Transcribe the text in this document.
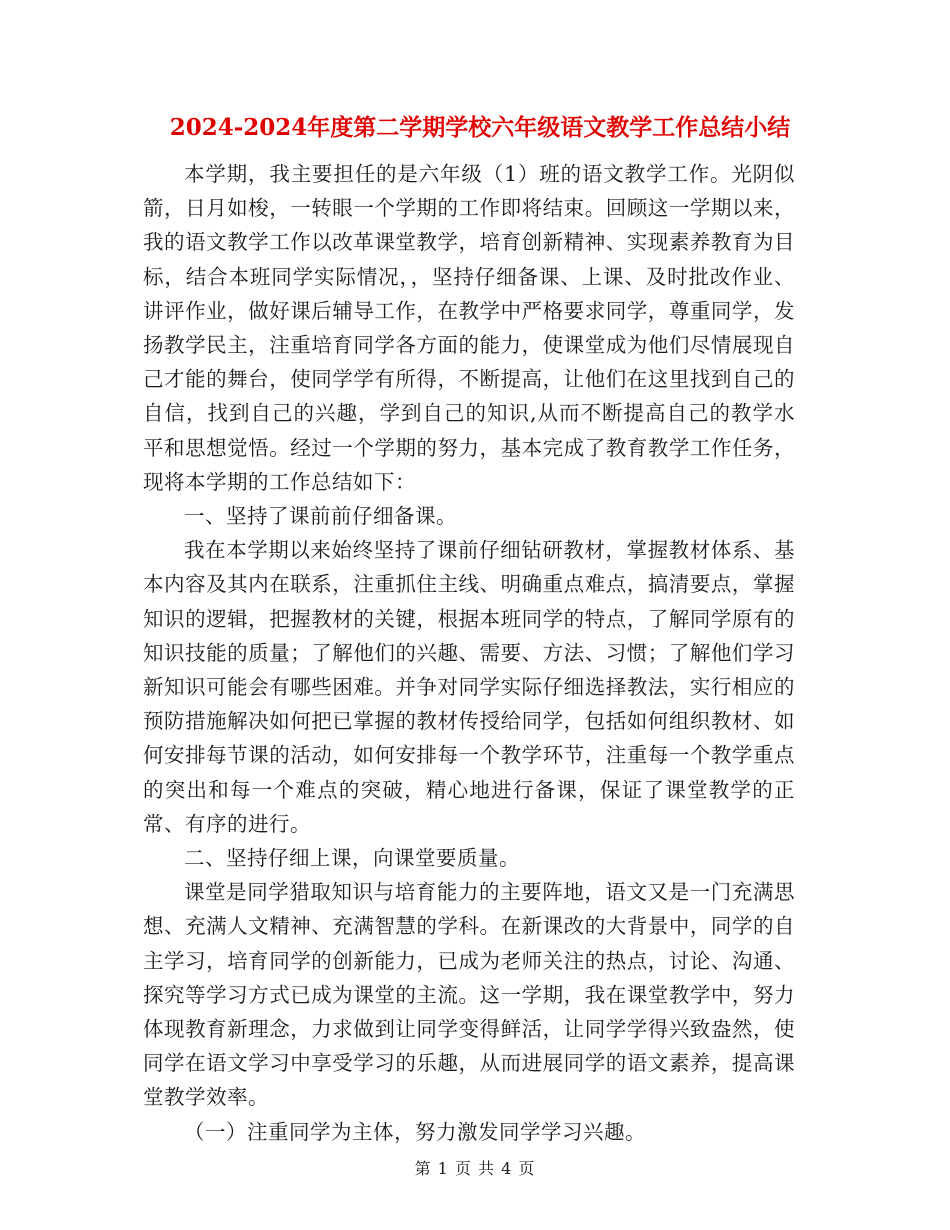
2024-2024年度第二学期学校六年级语文教学工作总结小结

本学期，我主要担任的是六年级（1）班的语文教学工作。光阴似箭，日月如梭，一转眼一个学期的工作即将结束。回顾这一学期以来，我的语文教学工作以改革课堂教学，培育创新精神、实现素养教育为目标，结合本班同学实际情况，，坚持仔细备课、上课、及时批改作业、讲评作业，做好课后辅导工作，在教学中严格要求同学，尊重同学，发扬教学民主，注重培育同学各方面的能力，使课堂成为他们尽情展现自己才能的舞台，使同学学有所得，不断提高，让他们在这里找到自己的自信，找到自己的兴趣，学到自己的知识,从而不断提高自己的教学水平和思想觉悟。经过一个学期的努力，基本完成了教育教学工作任务，现将本学期的工作总结如下：

一、坚持了课前前仔细备课。

我在本学期以来始终坚持了课前仔细钻研教材，掌握教材体系、基本内容及其内在联系，注重抓住主线、明确重点难点，搞清要点，掌握知识的逻辑，把握教材的关键，根据本班同学的特点，了解同学原有的知识技能的质量；了解他们的兴趣、需要、方法、习惯；了解他们学习新知识可能会有哪些困难。并争对同学实际仔细选择教法，实行相应的预防措施解决如何把已掌握的教材传授给同学，包括如何组织教材、如何安排每节课的活动，如何安排每一个教学环节，注重每一个教学重点的突出和每一个难点的突破，精心地进行备课，保证了课堂教学的正常、有序的进行。

二、坚持仔细上课，向课堂要质量。

课堂是同学猎取知识与培育能力的主要阵地，语文又是一门充满思想、充满人文精神、充满智慧的学科。在新课改的大背景中，同学的自主学习，培育同学的创新能力，已成为老师关注的热点，讨论、沟通、探究等学习方式已成为课堂的主流。这一学期，我在课堂教学中，努力体现教育新理念，力求做到让同学变得鲜活，让同学学得兴致盎然，使同学在语文学习中享受学习的乐趣，从而进展同学的语文素养，提高课堂教学效率。

（一）注重同学为主体，努力激发同学学习兴趣。

第 1 页 共 4 页
